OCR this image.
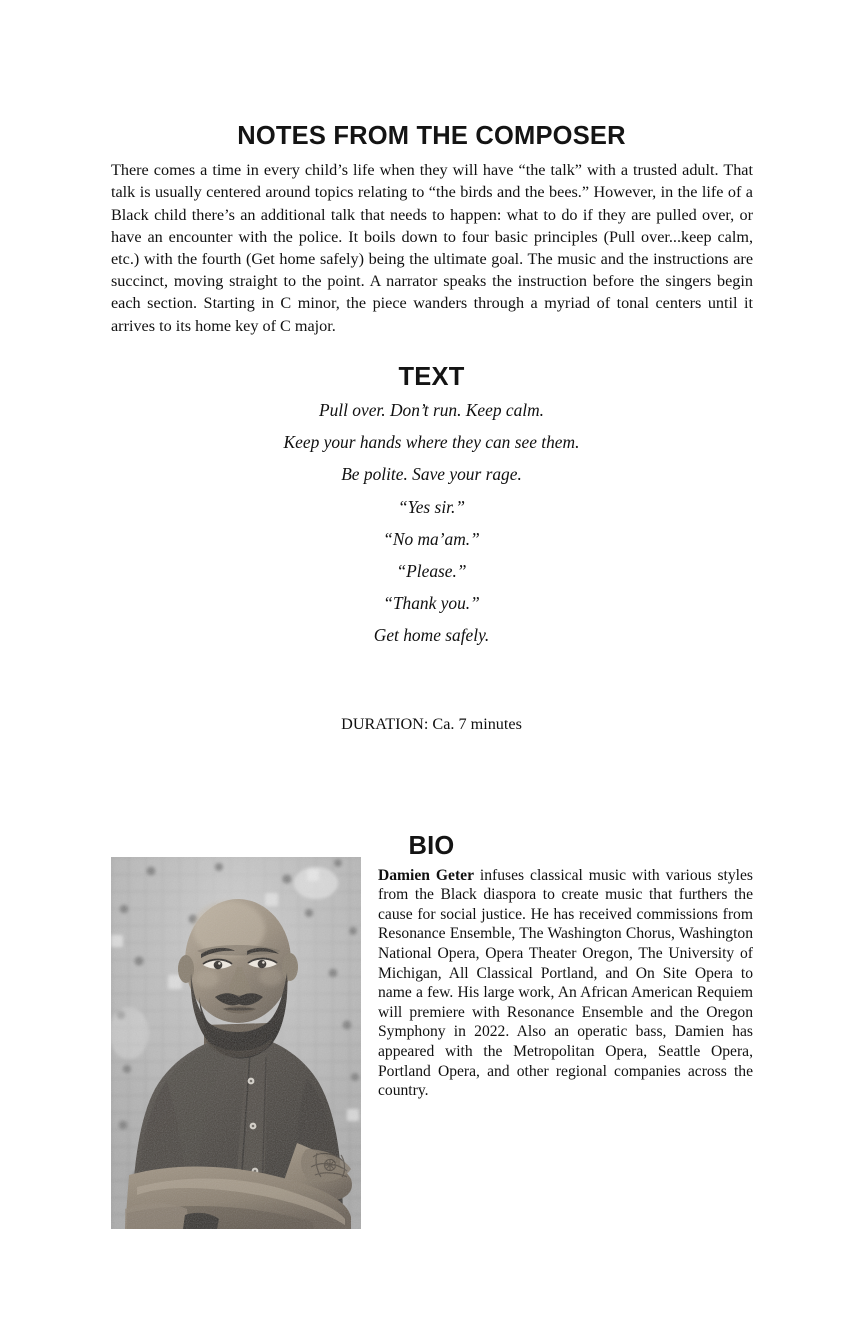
NOTES FROM THE COMPOSER

There comes a time in every child’s life when they will have “the talk” with a trusted adult. That talk is usually centered around topics relating to “the birds and the bees.” However, in the life of a Black child there’s an additional talk that needs to happen: what to do if they are pulled over, or have an encounter with the police. It boils down to four basic principles (Pull over...keep calm, etc.) with the fourth (Get home safely) being the ultimate goal. The music and the instructions are succinct, moving straight to the point. A narrator speaks the instruction before the singers begin each section. Starting in C minor, the piece wanders through a myriad of tonal centers until it arrives to its home key of C major.

TEXT
Pull over. Don’t run. Keep calm.
Keep your hands where they can see them.
Be polite. Save your rage.
“Yes sir.”
“No ma’am.”
“Please.”
“Thank you.”
Get home safely.
DURATION: Ca. 7 minutes
BIO

Damien Geter infuses classical music with various styles from the Black diaspora to create music that furthers the cause for social justice. He has received commissions from Resonance Ensemble, The Washington Chorus, Washington National Opera, Opera Theater Oregon, The University of Michigan, All Classical Portland, and On Site Opera to name a few. His large work, An African American Requiem will premiere with Resonance Ensemble and the Oregon Symphony in 2022. Also an operatic bass, Damien has appeared with the Metropolitan Opera, Seattle Opera, Portland Opera, and other regional companies across the country.
